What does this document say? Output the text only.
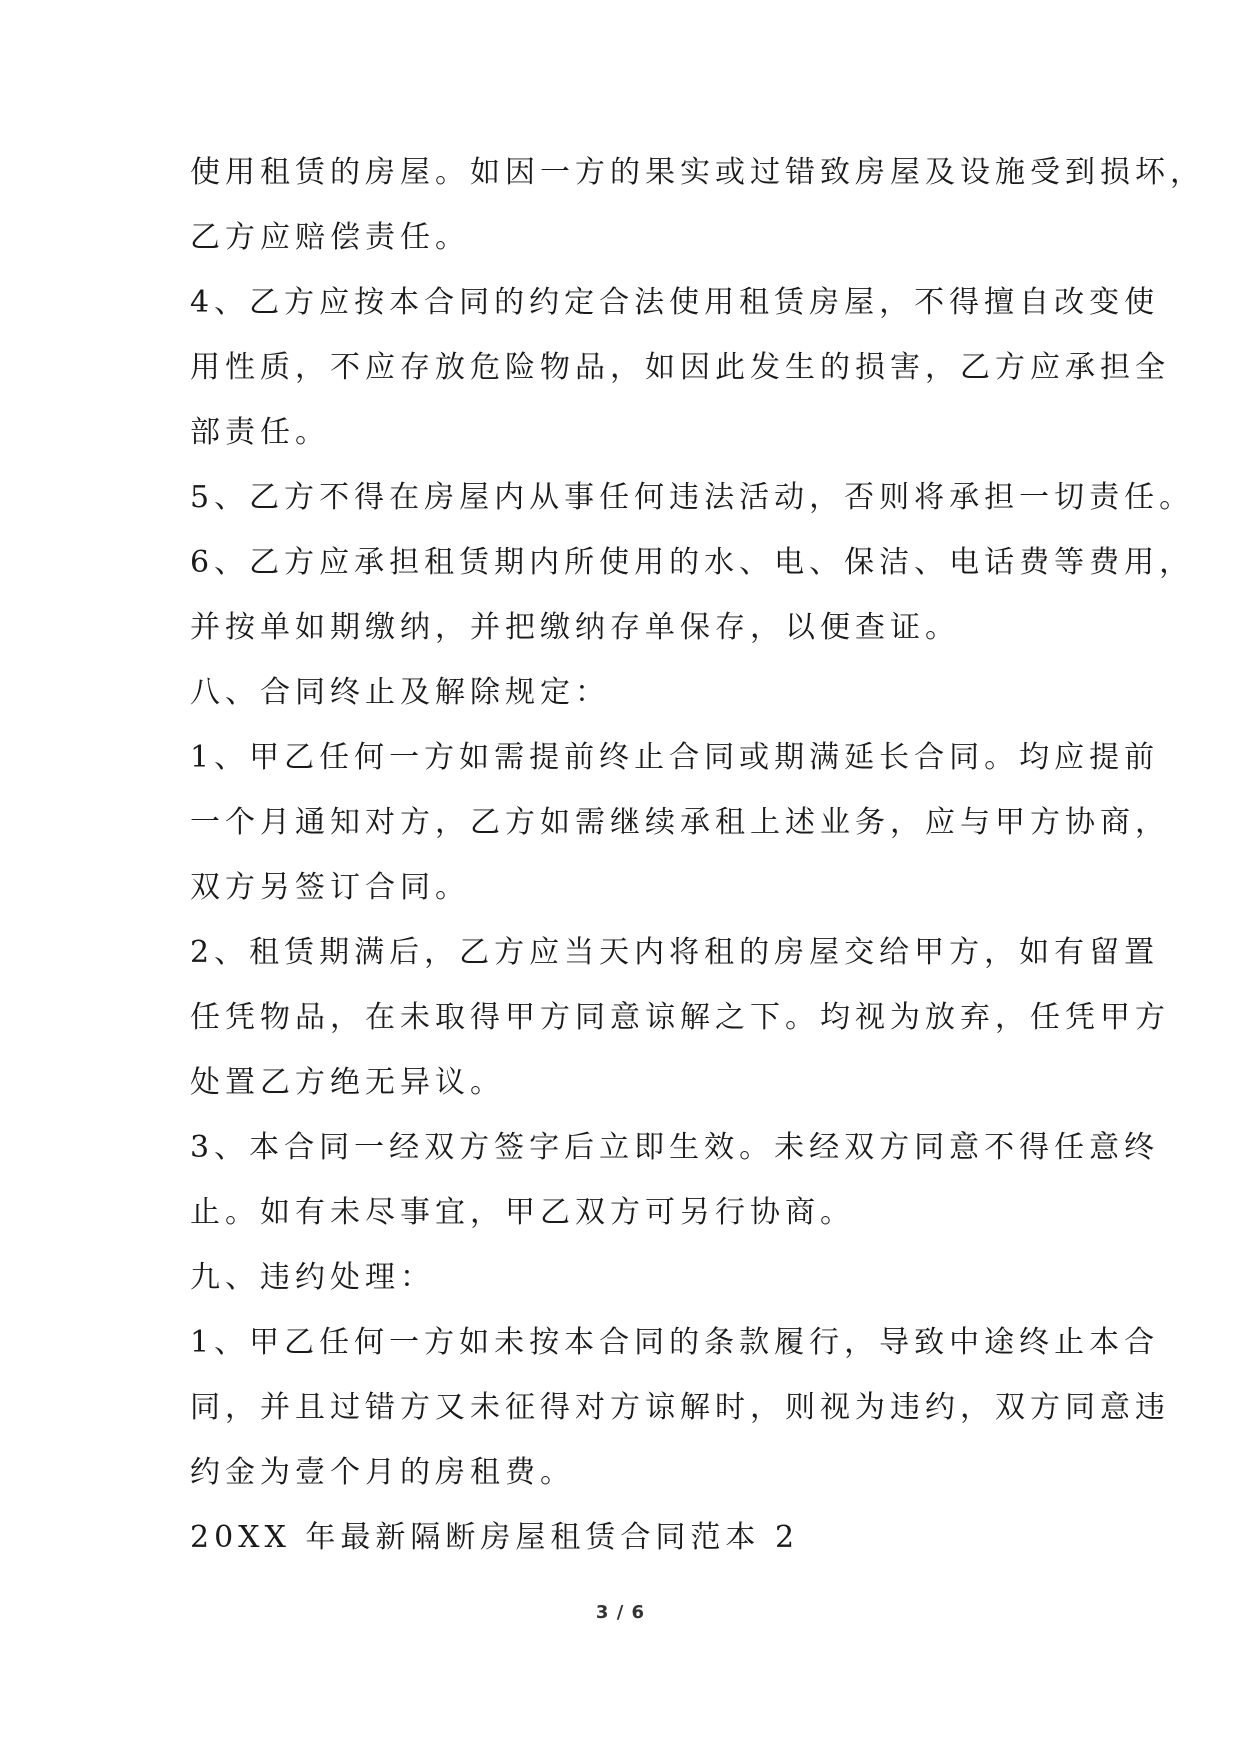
使用租赁的房屋。如因一方的果实或过错致房屋及设施受到损坏，

乙方应赔偿责任。

4、乙方应按本合同的约定合法使用租赁房屋，不得擅自改变使

用性质，不应存放危险物品，如因此发生的损害，乙方应承担全

部责任。

5、乙方不得在房屋内从事任何违法活动，否则将承担一切责任。

6、乙方应承担租赁期内所使用的水、电、保洁、电话费等费用，

并按单如期缴纳，并把缴纳存单保存，以便查证。

八、合同终止及解除规定：

1、甲乙任何一方如需提前终止合同或期满延长合同。均应提前

一个月通知对方，乙方如需继续承租上述业务，应与甲方协商，

双方另签订合同。

2、租赁期满后，乙方应当天内将租的房屋交给甲方，如有留置

任凭物品，在未取得甲方同意谅解之下。均视为放弃，任凭甲方

处置乙方绝无异议。

3、本合同一经双方签字后立即生效。未经双方同意不得任意终

止。如有未尽事宜，甲乙双方可另行协商。

九、违约处理：

1、甲乙任何一方如未按本合同的条款履行，导致中途终止本合

同，并且过错方又未征得对方谅解时，则视为违约，双方同意违

约金为壹个月的房租费。

20XX 年最新隔断房屋租赁合同范本 2

3 / 6
